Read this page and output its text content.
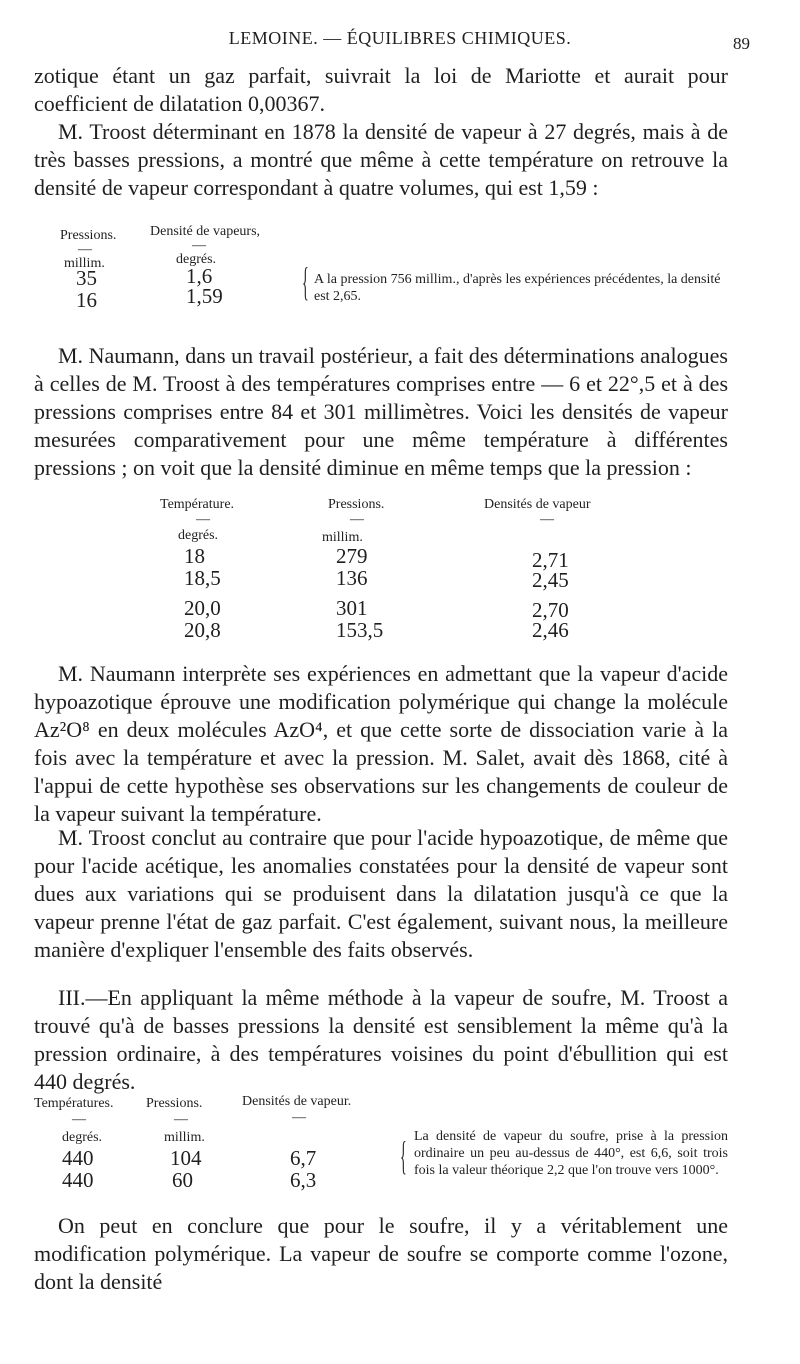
LEMOINE. — ÉQUILIBRES CHIMIQUES.	89

zotique étant un gaz parfait, suivrait la loi de Mariotte et aurait pour coefficient de dilatation 0,00367.

M. Troost déterminant en 1878 la densité de vapeur à 27 degrés, mais à de très basses pressions, a montré que même à cette température on retrouve la densité de vapeur correspondant à quatre volumes, qui est 1,59 :

Pressions. Densité de vapeurs,
—	—
millim.	degrés.
35	1,6
16	1,59 { A la pression 756 millim., d'après les expériences précédentes, la densité est 2,65.

M. Naumann, dans un travail postérieur, a fait des déterminations analogues à celles de M. Troost à des températures comprises entre — 6 et 22°,5 et à des pressions comprises entre 84 et 301 millimètres. Voici les densités de vapeur mesurées comparativement pour une même température à différentes pressions ; on voit que la densité diminue en même temps que la pression :

Température.	Pressions.	Densités de vapeur
—	—	—
degrés.	millim.
18	279	2,71
18,5	136	2,45
20,0	301	2,70
20,8	153,5	2,46

M. Naumann interprète ses expériences en admettant que la vapeur d'acide hypoazotique éprouve une modification polymérique qui change la molécule Az²O⁸ en deux molécules AzO⁴, et que cette sorte de dissociation varie à la fois avec la température et avec la pression. M. Salet, avait dès 1868, cité à l'appui de cette hypothèse ses observations sur les changements de couleur de la vapeur suivant la température.

M. Troost conclut au contraire que pour l'acide hypoazotique, de même que pour l'acide acétique, les anomalies constatées pour la densité de vapeur sont dues aux variations qui se produisent dans la dilatation jusqu'à ce que la vapeur prenne l'état de gaz parfait. C'est également, suivant nous, la meilleure manière d'expliquer l'ensemble des faits observés.

III.—En appliquant la même méthode à la vapeur de soufre, M. Troost a trouvé qu'à de basses pressions la densité est sensiblement la même qu'à la pression ordinaire, à des températures voisines du point d'ébullition qui est 440 degrés.

Températures. Pressions.	Densités de vapeur.
—	—	—
degrés.	millim.
440	104	6,7
440	60	6,3
{ La densité de vapeur du soufre, prise à la pression ordinaire un peu au-dessus de 440°, est 6,6, soit trois fois la valeur théorique 2,2 que l'on trouve vers 1000°.

On peut en conclure que pour le soufre, il y a véritablement une modification polymérique. La vapeur de soufre se comporte comme l'ozone, dont la densité
